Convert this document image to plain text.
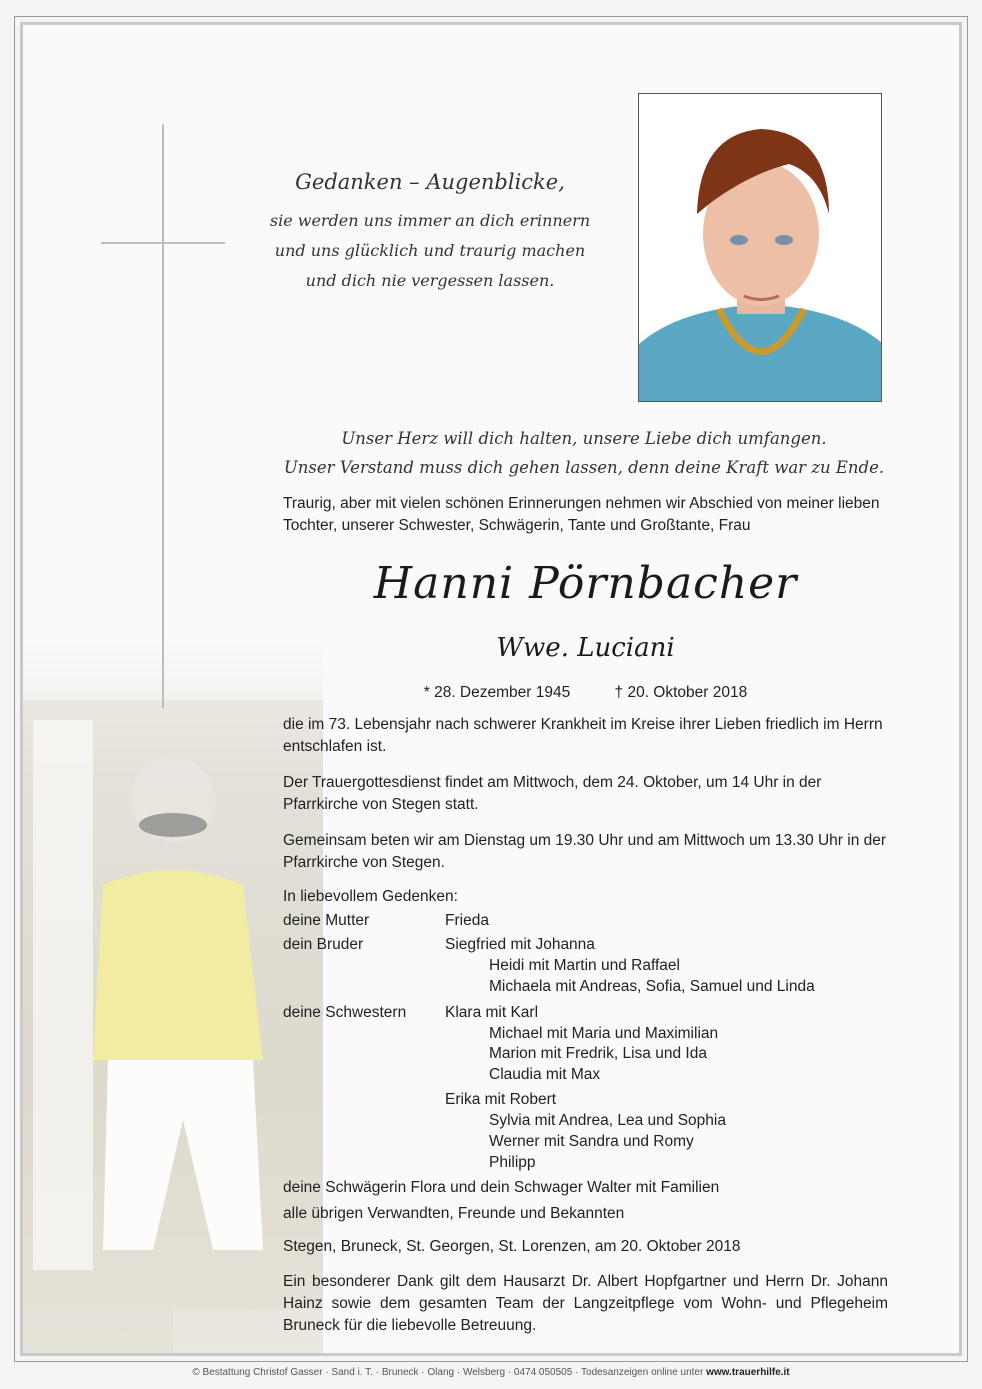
Gedanken – Augenblicke,
sie werden uns immer an dich erinnern
und uns glücklich und traurig machen
und dich nie vergessen lassen.
Unser Herz will dich halten, unsere Liebe dich umfangen.
Unser Verstand muss dich gehen lassen, denn deine Kraft war zu Ende.
Traurig, aber mit vielen schönen Erinnerungen nehmen wir Abschied von meiner lieben Tochter, unserer Schwester, Schwägerin, Tante und Großtante, Frau
Hanni Pörnbacher
Wwe. Luciani
* 28. Dezember 1945	† 20. Oktober 2018
die im 73. Lebensjahr nach schwerer Krankheit im Kreise ihrer Lieben friedlich im Herrn entschlafen ist.
Der Trauergottesdienst findet am Mittwoch, dem 24. Oktober, um 14 Uhr in der Pfarrkirche von Stegen statt.
Gemeinsam beten wir am Dienstag um 19.30 Uhr und am Mittwoch um 13.30 Uhr in der Pfarrkirche von Stegen.
In liebevollem Gedenken:
deine Mutter	Frieda
dein Bruder	Siegfried mit Johanna
Heidi mit Martin und Raffael
Michaela mit Andreas, Sofia, Samuel und Linda
deine Schwestern	Klara mit Karl
Michael mit Maria und Maximilian
Marion mit Fredrik, Lisa und Ida
Claudia mit Max
Erika mit Robert
Sylvia mit Andrea, Lea und Sophia
Werner mit Sandra und Romy
Philipp
deine Schwägerin Flora und dein Schwager Walter mit Familien
alle übrigen Verwandten, Freunde und Bekannten
Stegen, Bruneck, St. Georgen, St. Lorenzen, am 20. Oktober 2018
Ein besonderer Dank gilt dem Hausarzt Dr. Albert Hopfgartner und Herrn Dr. Johann Hainz sowie dem gesamten Team der Langzeitpflege vom Wohn- und Pflegeheim Bruneck für die liebevolle Betreuung.
© Bestattung Christof Gasser · Sand i. T. · Bruneck · Olang · Welsberg · 0474 050505 · Todesanzeigen online unter www.trauerhilfe.it
